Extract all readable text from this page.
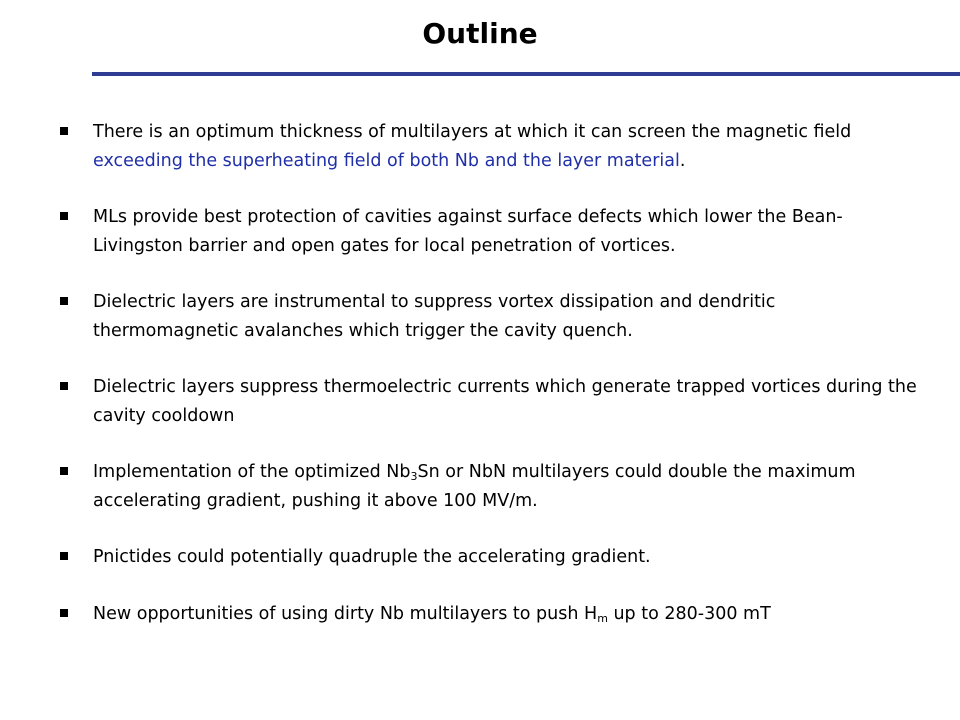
Outline
There is an optimum thickness of multilayers at which it can screen the magnetic field exceeding the superheating field of both Nb and the layer material.
MLs provide best protection of cavities against surface defects which lower the Bean-Livingston barrier and open gates for local penetration of vortices.
Dielectric layers are instrumental to suppress vortex dissipation and dendritic thermomagnetic avalanches which trigger the cavity quench.
Dielectric layers suppress thermoelectric currents which generate trapped vortices during the cavity cooldown
Implementation of the optimized $Nb_3Sn$ or NbN multilayers could double the maximum accelerating gradient, pushing it above 100 MV/m.
Pnictides could potentially quadruple the accelerating gradient.
New opportunities of using dirty Nb multilayers to push $H_m$ up to 280-300 mT
